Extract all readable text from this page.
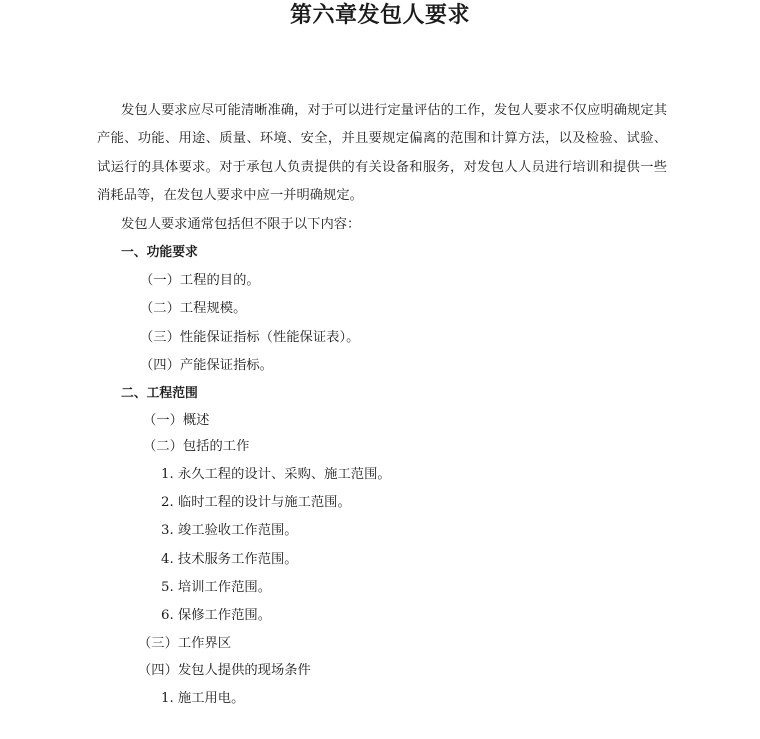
第六章发包人要求

发包人要求应尽可能清晰准确，对于可以进行定量评估的工作，发包人要求不仅应明确规定其产能、功能、用途、质量、环境、安全，并且要规定偏离的范围和计算方法，以及检验、试验、试运行的具体要求。对于承包人负责提供的有关设备和服务，对发包人人员进行培训和提供一些消耗品等，在发包人要求中应一并明确规定。

发包人要求通常包括但不限于以下内容：

一、功能要求

（一）工程的目的。

（二）工程规模。

（三）性能保证指标（性能保证表）。

（四）产能保证指标。

二、工程范围

（一）概述

（二）包括的工作

1. 永久工程的设计、采购、施工范围。

2. 临时工程的设计与施工范围。

3. 竣工验收工作范围。

4. 技术服务工作范围。

5. 培训工作范围。

6. 保修工作范围。

（三）工作界区

（四）发包人提供的现场条件

1. 施工用电。
